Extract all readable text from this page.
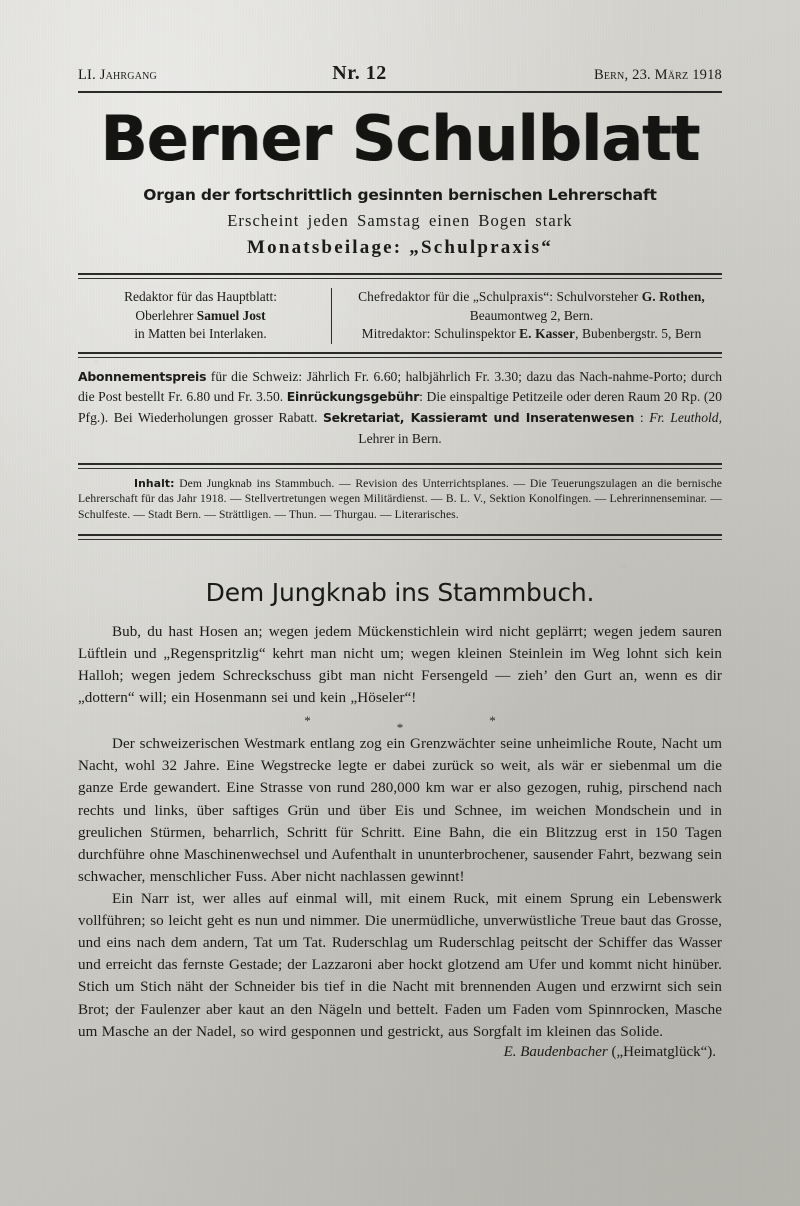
LI. Jahrgang	Nr. 12	Bern, 23. März 1918
Berner Schulblatt
Organ der fortschrittlich gesinnten bernischen Lehrerschaft
Erscheint jeden Samstag einen Bogen stark
Monatsbeilage: „Schulpraxis“
Redaktor für das Hauptblatt:
Oberlehrer Samuel Jost
in Matten bei Interlaken.
Chefredaktor für die „Schulpraxis“: Schulvorsteher G. Rothen,
Beaumontweg 2, Bern.
Mitredaktor: Schulinspektor E. Kasser, Bubenbergstr. 5, Bern

Abonnementspreis für die Schweiz: Jährlich Fr. 6.60; halbjährlich Fr. 3.30; dazu das Nach-nahme-Porto; durch die Post bestellt Fr. 6.80 und Fr. 3.50. Einrückungsgebühr: Die einspaltige Petitzeile oder deren Raum 20 Rp. (20 Pfg.). Bei Wiederholungen grosser Rabatt. Sekretariat, Kassieramt und Inseratenwesen : Fr. Leuthold, Lehrer in Bern.

Inhalt: Dem Jungknab ins Stammbuch. — Revision des Unterrichtsplanes. — Die Teuerungszulagen an die bernische Lehrerschaft für das Jahr 1918. — Stellvertretungen wegen Militärdienst. — B. L. V., Sektion Konolfingen. — Lehrerinnenseminar. — Schulfeste. — Stadt Bern. — Strättligen. — Thun. — Thurgau. — Literarisches.

Dem Jungknab ins Stammbuch.

Bub, du hast Hosen an; wegen jedem Mückenstichlein wird nicht geplärrt; wegen jedem sauren Lüftlein und „Regenspritzlig“ kehrt man nicht um; wegen kleinen Steinlein im Weg lohnt sich kein Halloh; wegen jedem Schreckschuss gibt man nicht Fersengeld — zieh’ den Gurt an, wenn es dir „dottern“ will; ein Hosenmann sei und kein „Höseler“!

*	*	*

Der schweizerischen Westmark entlang zog ein Grenzwächter seine unheimliche Route, Nacht um Nacht, wohl 32 Jahre. Eine Wegstrecke legte er dabei zurück so weit, als wär er siebenmal um die ganze Erde gewandert. Eine Strasse von rund 280,000 km war er also gezogen, ruhig, pirschend nach rechts und links, über saftiges Grün und über Eis und Schnee, im weichen Mondschein und in greulichen Stürmen, beharrlich, Schritt für Schritt. Eine Bahn, die ein Blitzzug erst in 150 Tagen durchführe ohne Maschinenwechsel und Aufenthalt in ununterbrochener, sausender Fahrt, bezwang sein schwacher, menschlicher Fuss. Aber nicht nachlassen gewinnt!

Ein Narr ist, wer alles auf einmal will, mit einem Ruck, mit einem Sprung ein Lebenswerk vollführen; so leicht geht es nun und nimmer. Die unermüdliche, unverwüstliche Treue baut das Grosse, und eins nach dem andern, Tat um Tat. Ruderschlag um Ruderschlag peitscht der Schiffer das Wasser und erreicht das fernste Gestade; der Lazzaroni aber hockt glotzend am Ufer und kommt nicht hinüber. Stich um Stich näht der Schneider bis tief in die Nacht mit brennenden Augen und erzwirnt sich sein Brot; der Faulenzer aber kaut an den Nägeln und bettelt. Faden um Faden vom Spinnrocken, Masche um Masche an der Nadel, so wird gesponnen und gestrickt, aus Sorgfalt im kleinen das Solide.

E. Baudenbacher („Heimatglück“).
